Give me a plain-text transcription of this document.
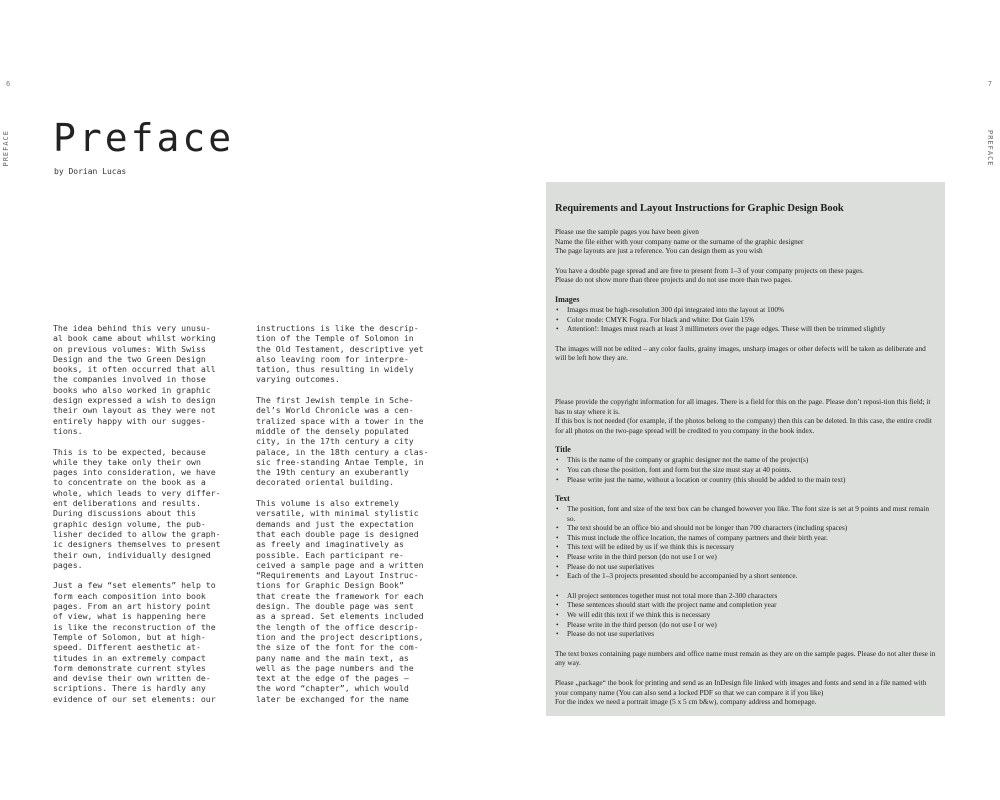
6
PREFACE Preface
by Dorian Lucas

The idea behind this very unusu-
al book came about whilst working
on previous volumes: With Swiss
Design and the two Green Design
books, it often occurred that all
the companies involved in those
books who also worked in graphic
design expressed a wish to design
their own layout as they were not
entirely happy with our sugges-
tions.

This is to be expected, because
while they take only their own
pages into consideration, we have
to concentrate on the book as a
whole, which leads to very differ-
ent deliberations and results.
During discussions about this
graphic design volume, the pub-
lisher decided to allow the graph-
ic designers themselves to present
their own, individually designed
pages.

Just a few “set elements” help to
form each composition into book
pages. From an art history point
of view, what is happening here
is like the reconstruction of the
Temple of Solomon, but at high-
speed. Different aesthetic at-
titudes in an extremely compact
form demonstrate current styles
and devise their own written de-
scriptions. There is hardly any
evidence of our set elements: our

instructions is like the descrip-
tion of the Temple of Solomon in
the Old Testament, descriptive yet
also leaving room for interpre-
tation, thus resulting in widely
varying outcomes.

The first Jewish temple in Sche-
del’s World Chronicle was a cen-
tralized space with a tower in the
middle of the densely populated
city, in the 17th century a city
palace, in the 18th century a clas-
sic free-standing Antae Temple, in
the 19th century an exuberantly
decorated oriental building.

This volume is also extremely
versatile, with minimal stylistic
demands and just the expectation
that each double page is designed
as freely and imaginatively as
possible. Each participant re-
ceived a sample page and a written
“Requirements and Layout Instruc-
tions for Graphic Design Book”
that create the framework for each
design. The double page was sent
as a spread. Set elements included
the length of the office descrip-
tion and the project descriptions,
the size of the font for the com-
pany name and the main text, as
well as the page numbers and the
text at the edge of the pages –
the word “chapter”, which would
later be exchanged for the name

7
PREFACE
Requirements and Layout Instructions for Graphic Design Book

Please use the sample pages you have been given
Name the file either with your company name or the surname of the graphic designer
The page layouts are just a reference. You can design them as you wish

You have a double page spread and are free to present from 1–3 of your company projects on these pages.
Please do not show more than three projects and do not use more than two pages.

Images
• Images must be high-resolution 300 dpi integrated into the layout at 100%
• Color mode: CMYK Fogra. For black and white: Dot Gain 15%
• Attention!: Images must reach at least 3 millimeters over the page edges. These will then be trimmed slightly

The images will not be edited – any color faults, grainy images, unsharp images or other defects will be taken as deliberate and will be left how they are.

Please provide the copyright information for all images. There is a field for this on the page. Please don’t reposi-tion this field; it has to stay where it is.
If this box is not needed (for example, if the photos belong to the company) then this can be deleted. In this case, the entire credit for all photos on the two-page spread will be credited to you company in the book index.

Title
• This is the name of the company or graphic designer not the name of the project(s)
• You can chose the position, font and form but the size must stay at 40 points.
• Please write just the name, without a location or country (this should be added to the main text)
Text
• The position, font and size of the text box can be changed however you like. The font size is set at 9 points and must remain so.
• The text should be an office bio and should not be longer than 700 characters (including spaces)
• This must include the office location, the names of company partners and their birth year.
• This text will be edited by us if we think this is necessary
• Please write in the third person (do not use I or we)
• Please do not use superlatives
• Each of the 1–3 projects presented should be accompanied by a short sentence.
• All project sentences together must not total more than 2-300 characters
• These sentences should start with the project name and completion year
• We will edit this text if we think this is necessary
• Please write in the third person (do not use I or we)
• Please do not use superlatives

The text boxes containing page numbers and office name must remain as they are on the sample pages. Please do not alter these in any way.

Please „package“ the book for printing and send as an InDesign file linked with images and fonts and send in a file named with your company name (You can also send a locked PDF so that we can compare it if you like)
For the index we need a portrait image (5 x 5 cm b&w), company address and homepage.
